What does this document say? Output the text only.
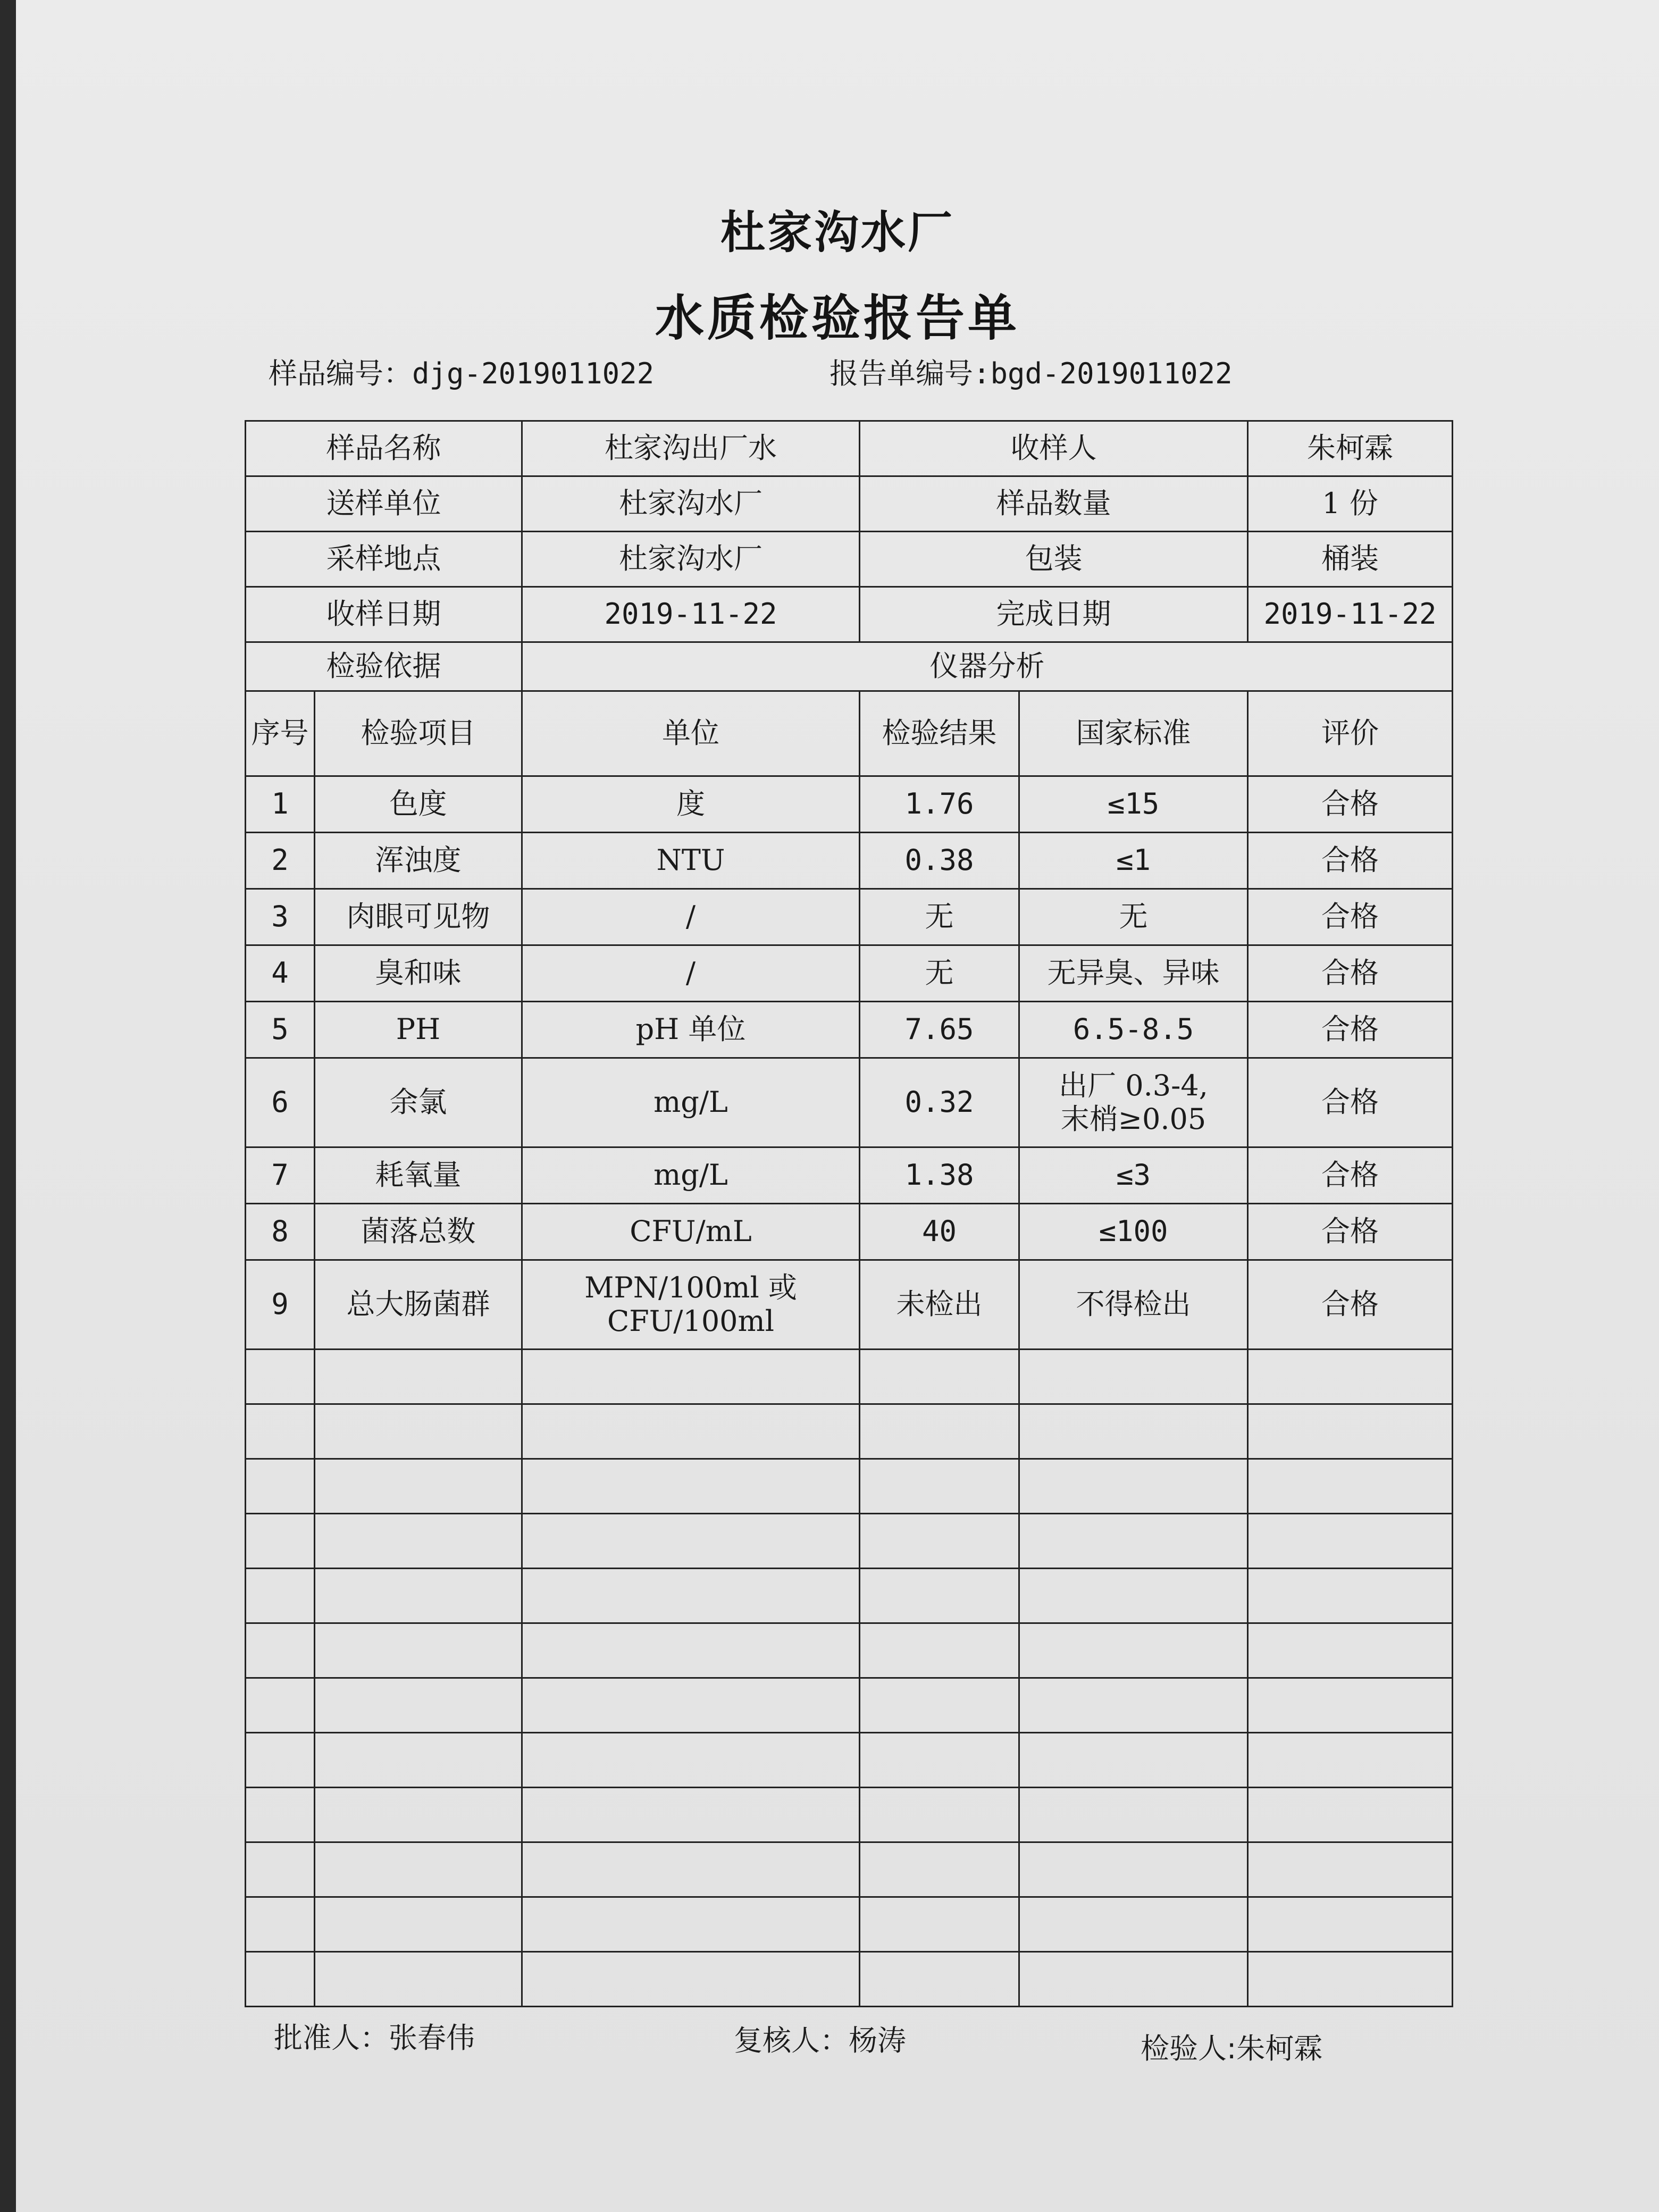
杜家沟水厂
水质检验报告单
样品编号：djg-2019011022	报告单编号:bgd-2019011022
样品名称		杜家沟出厂水	收样人		朱柯霖
送样单位		杜家沟水厂	样品数量		1 份
采样地点		杜家沟水厂	包装		桶装
收样日期		2019-11-22	完成日期		2019-11-22
检验依据		仪器分析			
序号	检验项目	单位	检验结果	国家标准	评价
1	色度	度	1.76	≤15	合格
2	浑浊度	NTU	0.38	≤1	合格
3	肉眼可见物	/	无	无	合格
4	臭和味	/	无	无异臭、异味	合格
5	PH	pH 单位	7.65	6.5-8.5	合格
6	余氯	mg/L	0.32	出厂 0.3-4,
末梢≥0.05	合格
7	耗氧量	mg/L	1.38	≤3	合格
8	菌落总数	CFU/mL	40	≤100	合格
9	总大肠菌群	MPN/100ml 或
CFU/100ml	未检出	不得检出	合格

批准人：张春伟	复核人：杨涛	检验人:朱柯霖
